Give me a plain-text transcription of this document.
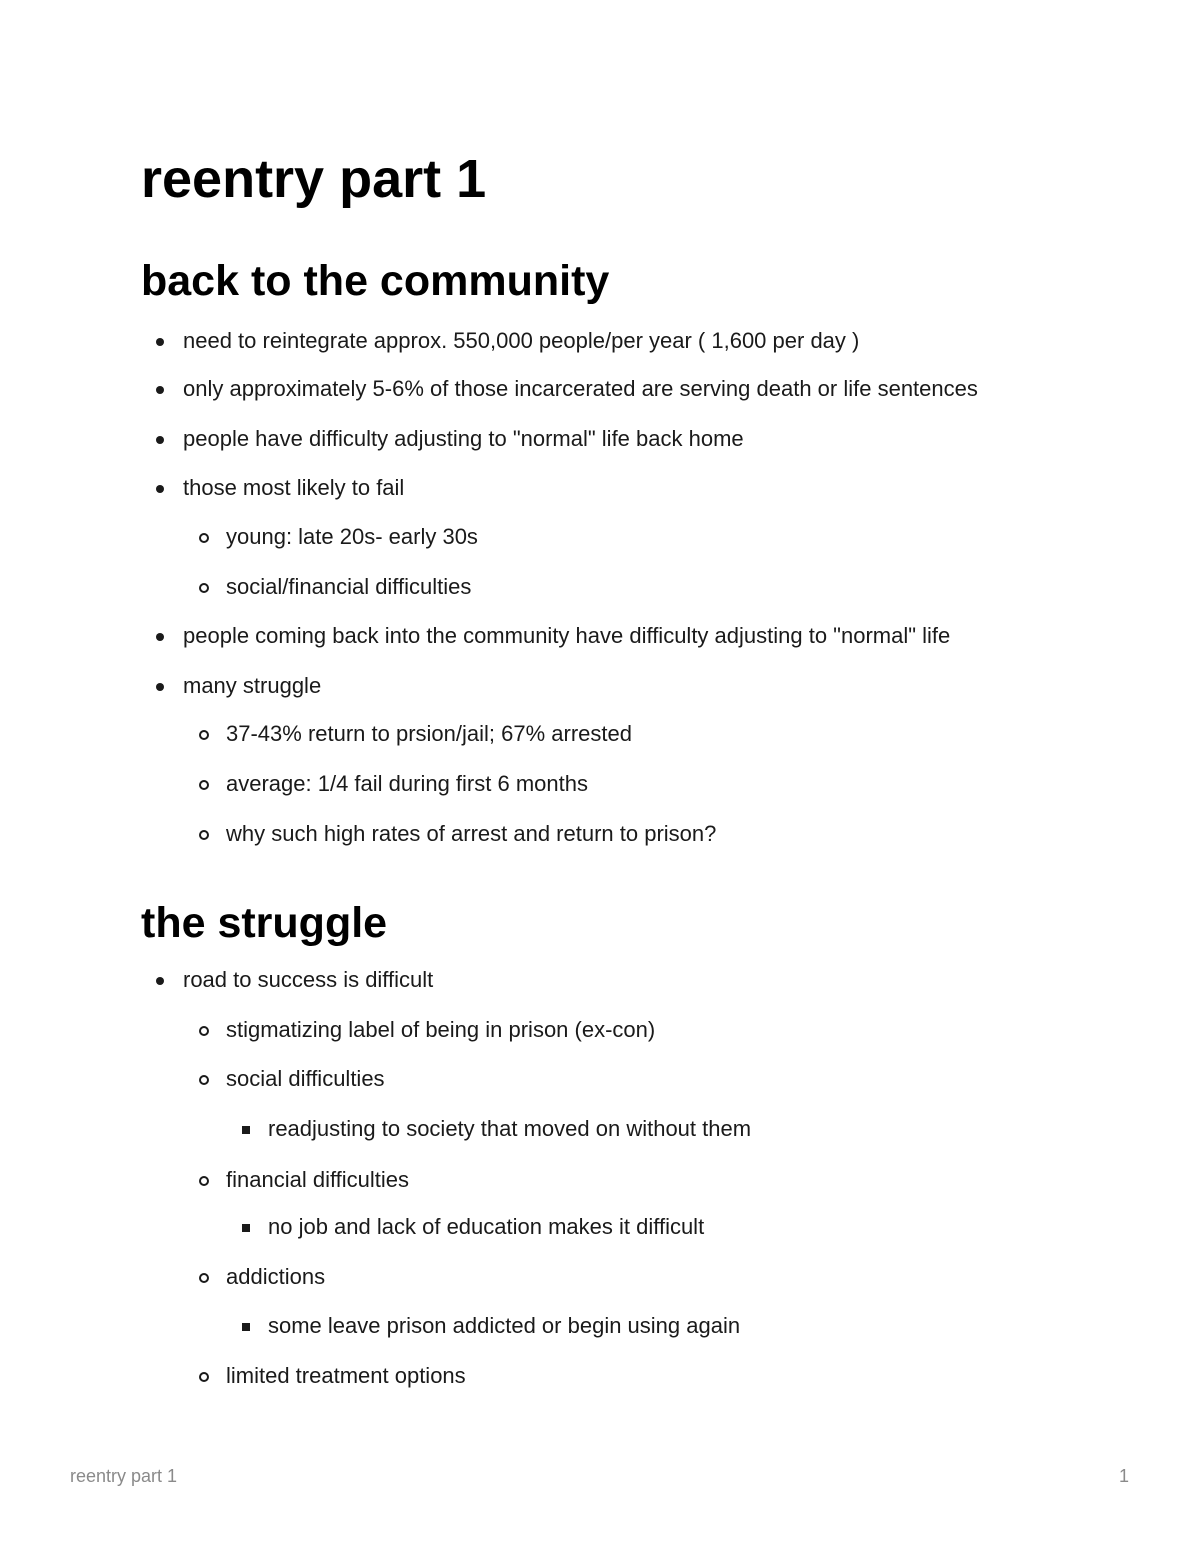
reentry part 1
back to the community
need to reintegrate approx. 550,000 people/per year ( 1,600 per day )
only approximately 5-6% of those incarcerated are serving death or life sentences
people have difficulty adjusting to "normal" life back home
those most likely to fail
young: late 20s- early 30s
social/financial difficulties
people coming back into the community have difficulty adjusting to "normal" life
many struggle
37-43% return to prsion/jail; 67% arrested
average: 1/4 fail during first 6 months
why such high rates of arrest and return to prison?
the struggle
road to success is difficult
stigmatizing label of being in prison (ex-con)
social difficulties
readjusting to society that moved on without them
financial difficulties
no job and lack of education makes it difficult
addictions
some leave prison addicted or begin using again
limited treatment options
reentry part 1	1
